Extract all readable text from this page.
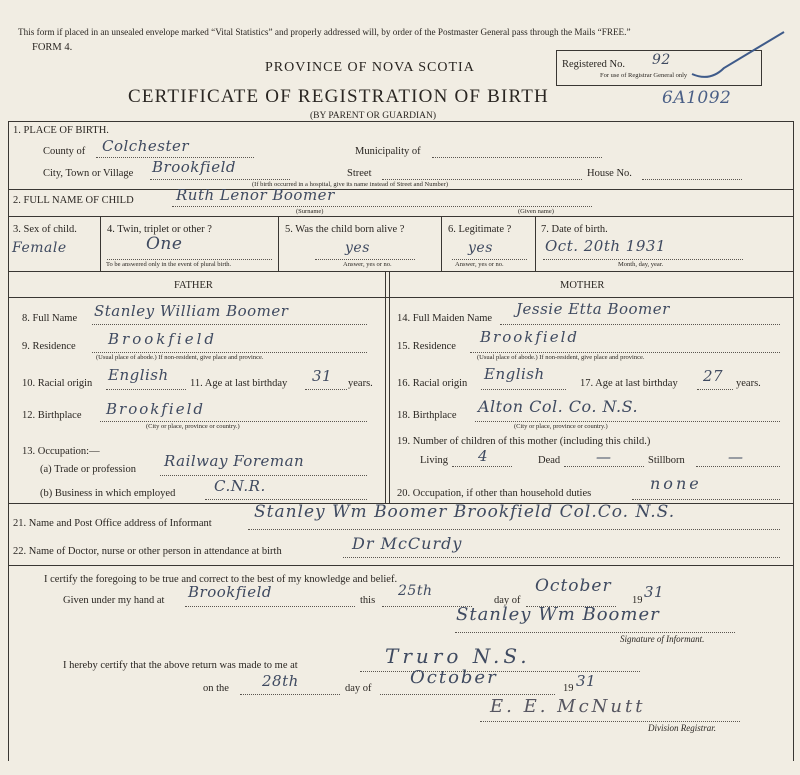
This form if placed in an unsealed envelope marked “Vital Statistics” and properly addressed will, by order of the Postmaster General pass through the Mails “FREE.”
FORM 4.
PROVINCE OF NOVA SCOTIA	Registered No. 92
For use of Registrar General only
CERTIFICATE OF REGISTRATION OF BIRTH	6A1092
(BY PARENT OR GUARDIAN)
1. PLACE OF BIRTH.
County of Colchester	Municipality of
City, Town or Village Brookfield	Street	House No.
(If birth occurred in a hospital, give its name instead of Street and Number)
2. FULL NAME OF CHILD	Ruth Lenor Boomer
(Surname)	(Given name)
3. Sex of child.
Female
4. Twin, triplet or other ?
One
To be answered only in the event of plural birth.
5. Was the child born alive ?
yes
Answer, yes or no.
6. Legitimate ?
yes
Answer, yes or no.
7. Date of birth.
Oct. 20th 1931
Month, day, year.
FATHER	MOTHER
8. Full Name Stanley William Boomer
9. Residence Brookfield
(Usual place of abode.) If non-resident, give place and province.
10. Racial origin English 11. Age at last birthday 31 years.
12. Birthplace Brookfield
(City or place, province or country.)
13. Occupation:—
(a) Trade or profession Railway Foreman
(b) Business in which employed	C.N.R.
14. Full Maiden Name
Jessie Etta Boomer
15. Residence
Brookfield
(Usual place of abode.) If non-resident, give place and province.
16. Racial origin
English
17. Age at last birthday 27 years.
18. Birthplace Alton Col. Co. N.S.
(City or place, province or country.)
19. Number of children of this mother (including this child.)
Living 4	Dead —	Stillborn	—
20. Occupation, if other than household duties
none
21. Name and Post Office address of Informant
Stanley Wm Boomer Brookfield Col.Co. N.S.
22. Name of Doctor, nurse or other person in attendance at birth	Dr McCurdy
I certify the foregoing to be true and correct to the best of my knowledge and belief.
Given under my hand at Brookfield	this
25th
day of
October
19 31
Stanley Wm Boomer
Signature of Informant.
I hereby certify that the above return was made to me at	Truro N.S.
on the 28th	day of
October
19 31
E. E. McNutt
Division Registrar.
